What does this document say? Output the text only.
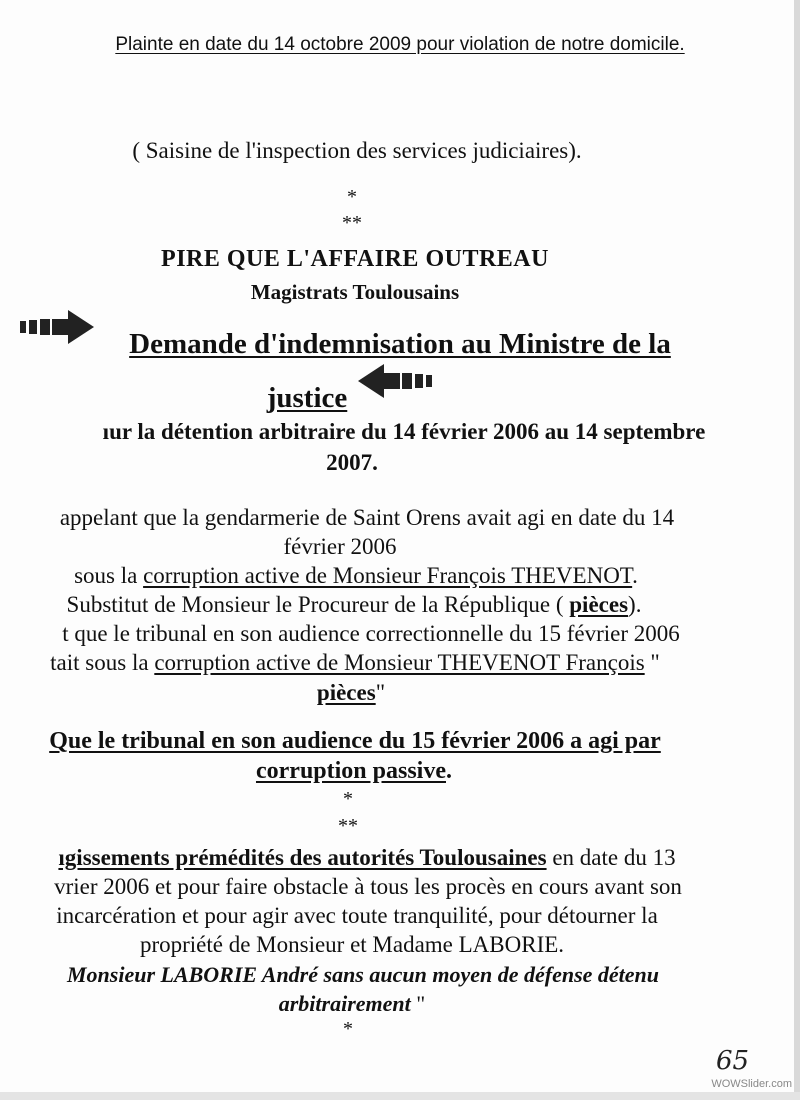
Plainte en date du 14 octobre 2009 pour violation de notre domicile.
( Saisine de l'inspection des services judiciaires).
*
**
PIRE QUE L'AFFAIRE OUTREAU
Magistrats Toulousains
Demande d'indemnisation au Ministre de la
justice
ıur la détention arbitraire du 14 février 2006 au 14 septembre
2007.
appelant que la gendarmerie de Saint Orens avait agi en date du 14
février 2006
sous la corruption active de Monsieur François THEVENOT.
Substitut de Monsieur le Procureur de la République ( pièces).
t que le tribunal en son audience correctionnelle du 15 février 2006
tait sous la corruption active de Monsieur THEVENOT François "
pièces"
Que le tribunal en son audience du 15 février 2006 a agi par
corruption passive.
*
**
ıgissements prémédités des autorités Toulousaines en date du 13
vrier 2006 et pour faire obstacle à tous les procès en cours avant son
incarcération et pour agir avec toute tranquilité, pour détourner la
propriété de Monsieur et Madame LABORIE.
Monsieur LABORIE André sans aucun moyen de défense détenu
arbitrairement "
*
65
WOWSlider.com
